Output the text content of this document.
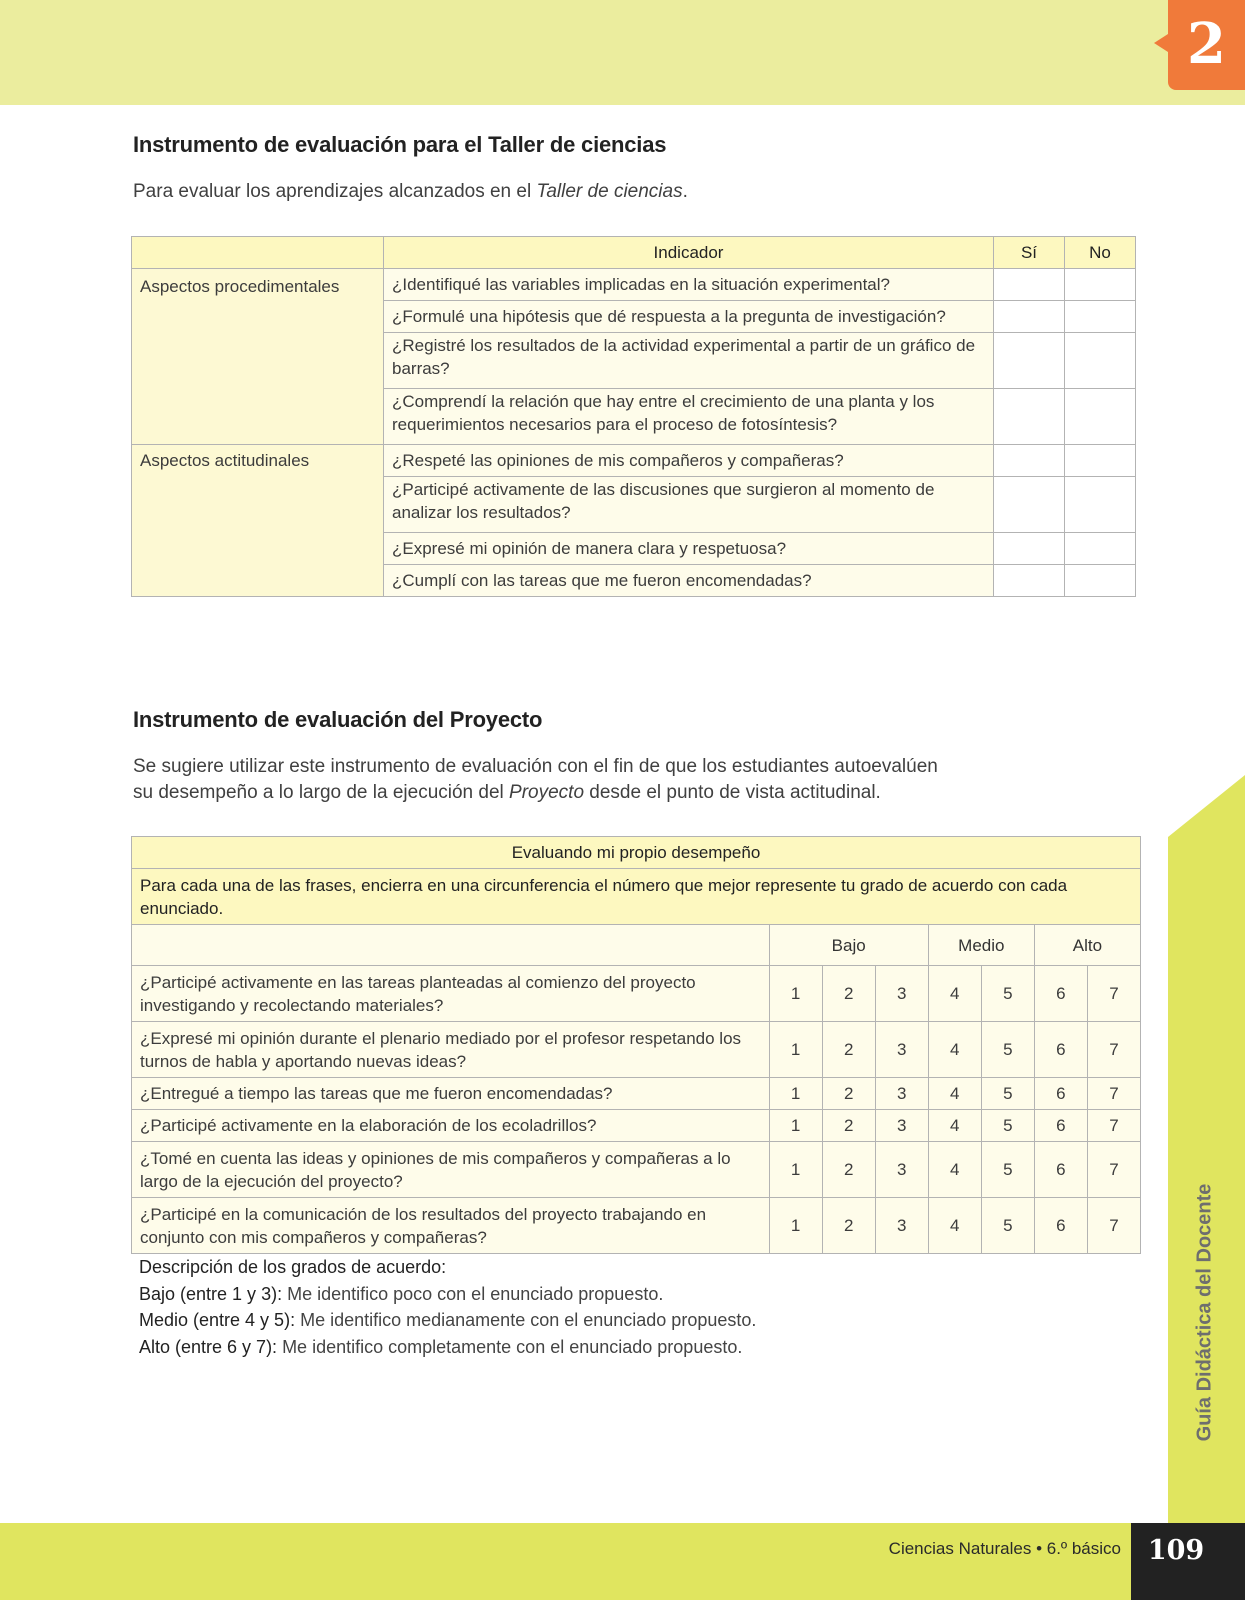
2
Instrumento de evaluación para el Taller de ciencias

Para evaluar los aprendizajes alcanzados en el Taller de ciencias.

	Indicador	Sí	No
Aspectos procedimentales	¿Identifiqué las variables implicadas en la situación experimental?		
	¿Formulé una hipótesis que dé respuesta a la pregunta de investigación?		
	¿Registré los resultados de la actividad experimental a partir de un gráfico de barras?		
	¿Comprendí la relación que hay entre el crecimiento de una planta y los requerimientos necesarios para el proceso de fotosíntesis?		
Aspectos actitudinales	¿Respeté las opiniones de mis compañeros y compañeras?		
	¿Participé activamente de las discusiones que surgieron al momento de analizar los resultados?		
	¿Expresé mi opinión de manera clara y respetuosa?		
	¿Cumplí con las tareas que me fueron encomendadas?		
Instrumento de evaluación del Proyecto

Se sugiere utilizar este instrumento de evaluación con el fin de que los estudiantes autoevalúen
su desempeño a lo largo de la ejecución del Proyecto desde el punto de vista actitudinal.

Evaluando mi propio desempeño							
Para cada una de las frases, encierra en una circunferencia el número que mejor represente tu grado de acuerdo con cada enunciado.							
	Bajo			Medio		Alto	
¿Participé activamente en las tareas planteadas al comienzo del proyecto investigando y recolectando materiales?	1	2	3	4	5	6	7
¿Expresé mi opinión durante el plenario mediado por el profesor respetando los turnos de habla y aportando nuevas ideas?	1	2	3	4	5	6	7
¿Entregué a tiempo las tareas que me fueron encomendadas?	1	2	3	4	5	6	7
¿Participé activamente en la elaboración de los ecoladrillos?	1	2	3	4	5	6	7
¿Tomé en cuenta las ideas y opiniones de mis compañeros y compañeras a lo largo de la ejecución del proyecto?	1	2	3	4	5	6	7
¿Participé en la comunicación de los resultados del proyecto trabajando en conjunto con mis compañeros y compañeras?	1	2	3	4	5	6	7
Descripción de los grados de acuerdo:
Bajo (entre 1 y 3): Me identifico poco con el enunciado propuesto.
Medio (entre 4 y 5): Me identifico medianamente con el enunciado propuesto.
Alto (entre 6 y 7): Me identifico completamente con el enunciado propuesto.	Guía Didáctica del Docente
Ciencias Naturales • 6.º básico 109
